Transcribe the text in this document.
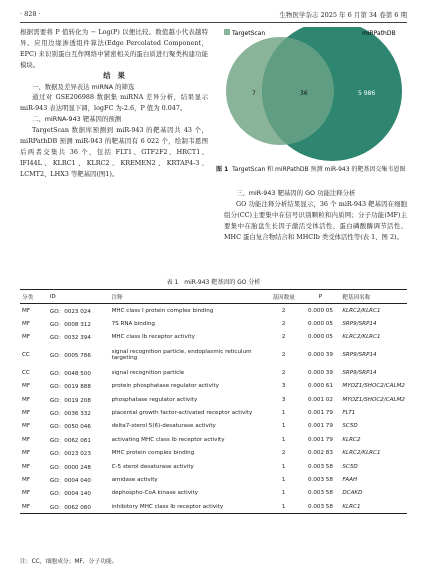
· 828 ·	生物医学杂志 2025 年 6 月第 34 卷第 6 期

根据需要将 P 值转化为 − Log(P) 以便比较。数值越小代表越特异。应用边缘渗透组件算法(Edge Percolated Component，EPC) 来识别蛋白互作网络中紧密相关的蛋白质进行聚类构建功能模块。

结　果

一、数据及差异表达 miRNA 的筛选

通过对 GSE206988 数据集 miRNA 差异分析，结果显示 miR-943 表达明显下调，logFC 为-2.6，P 值为 0.047。

二、miRNA-943 靶基因的预测

TargetScan 数据库预测到 miR-943 的靶基因共 43 个，miRPathDB 预测 miR-943 的靶基因有 6 022 个，绘制韦恩图后两者交集共 36 个，包括 FLT1、GTF2F2、HRCT1、IFI44L、KLRC1、KLRC2、KREMEN2、KRTAP4-3、LCMT2、LHX3 等靶基因(图1)。

TargetScan	miRPathDB
7	36	5 986
图 1 TargetScan 和 miRPathDB 预测 miR-943 的靶基因交集韦恩图

三、miR-943 靶基因的 GO 功能注释分析

GO 功能注释分析结果显示，36 个 miR-943 靶基因在细胞组分(CC)主要集中在信号识别颗粒和内质网；分子功能(MF)主要集中在胎盘生长因子激活受体活性、蛋白磷酸酶调节活性、MHC 蛋白复合物结合和 MHCIb 类受体活性等(表 1、图 2)。

表 1　miR-943 靶基因的 GO 分析
分类	ID	注释	基因数量	P	靶基因名称
MF	GO：0023 024	MHC class I protein complex binding	2	0.000 05	KLRC2/KLRC1
MF	GO：0008 312	7S RNA binding	2	0.000 05	SRP9/SRP14
MF	GO：0032 394	MHC class Ib receptor activity	2	0.000 05	KLRC2/KLRC1
CC	GO：0005 786	signal recognition particle, endoplasmic reticulum targeting	2	0.000 39	SRP9/SRP14
CC	GO：0048 500	signal recognition particle	2	0.000 39	SRP9/SRP14
MF	GO：0019 888	protein phosphatase regulator activity	3	0.000 61	MYOZ1/SHOC2/CALM2
MF	GO：0019 208	phosphatase regulator activity	3	0.001 02	MYOZ1/SHOC2/CALM2
MF	GO：0036 332	placental growth factor-activated receptor activity	1	0.001 79	FLT1
MF	GO：0050 046	delta7-sterol 5(6)-desaturase activity	1	0.001 79	SC5D
MF	GO：0062 081	activating MHC class Ib receptor activity	1	0.001 79	KLRC2
MF	GO：0023 023	MHC protein complex binding	2	0.002 83	KLRC2/KLRC1
MF	GO：0000 248	C-5 sterol desaturase activity	1	0.003 58	SC5D
MF	GO：0004 040	amidase activity	1	0.003 58	FAAH
MF	GO：0004 140	dephospho-CoA kinase activity	1	0.003 58	DCAKD
MF	GO：0062 080	inhibitory MHC class Ib receptor activity	1	0.003 58	KLRC1
注：CC，细胞成分；MF，分子功能。
